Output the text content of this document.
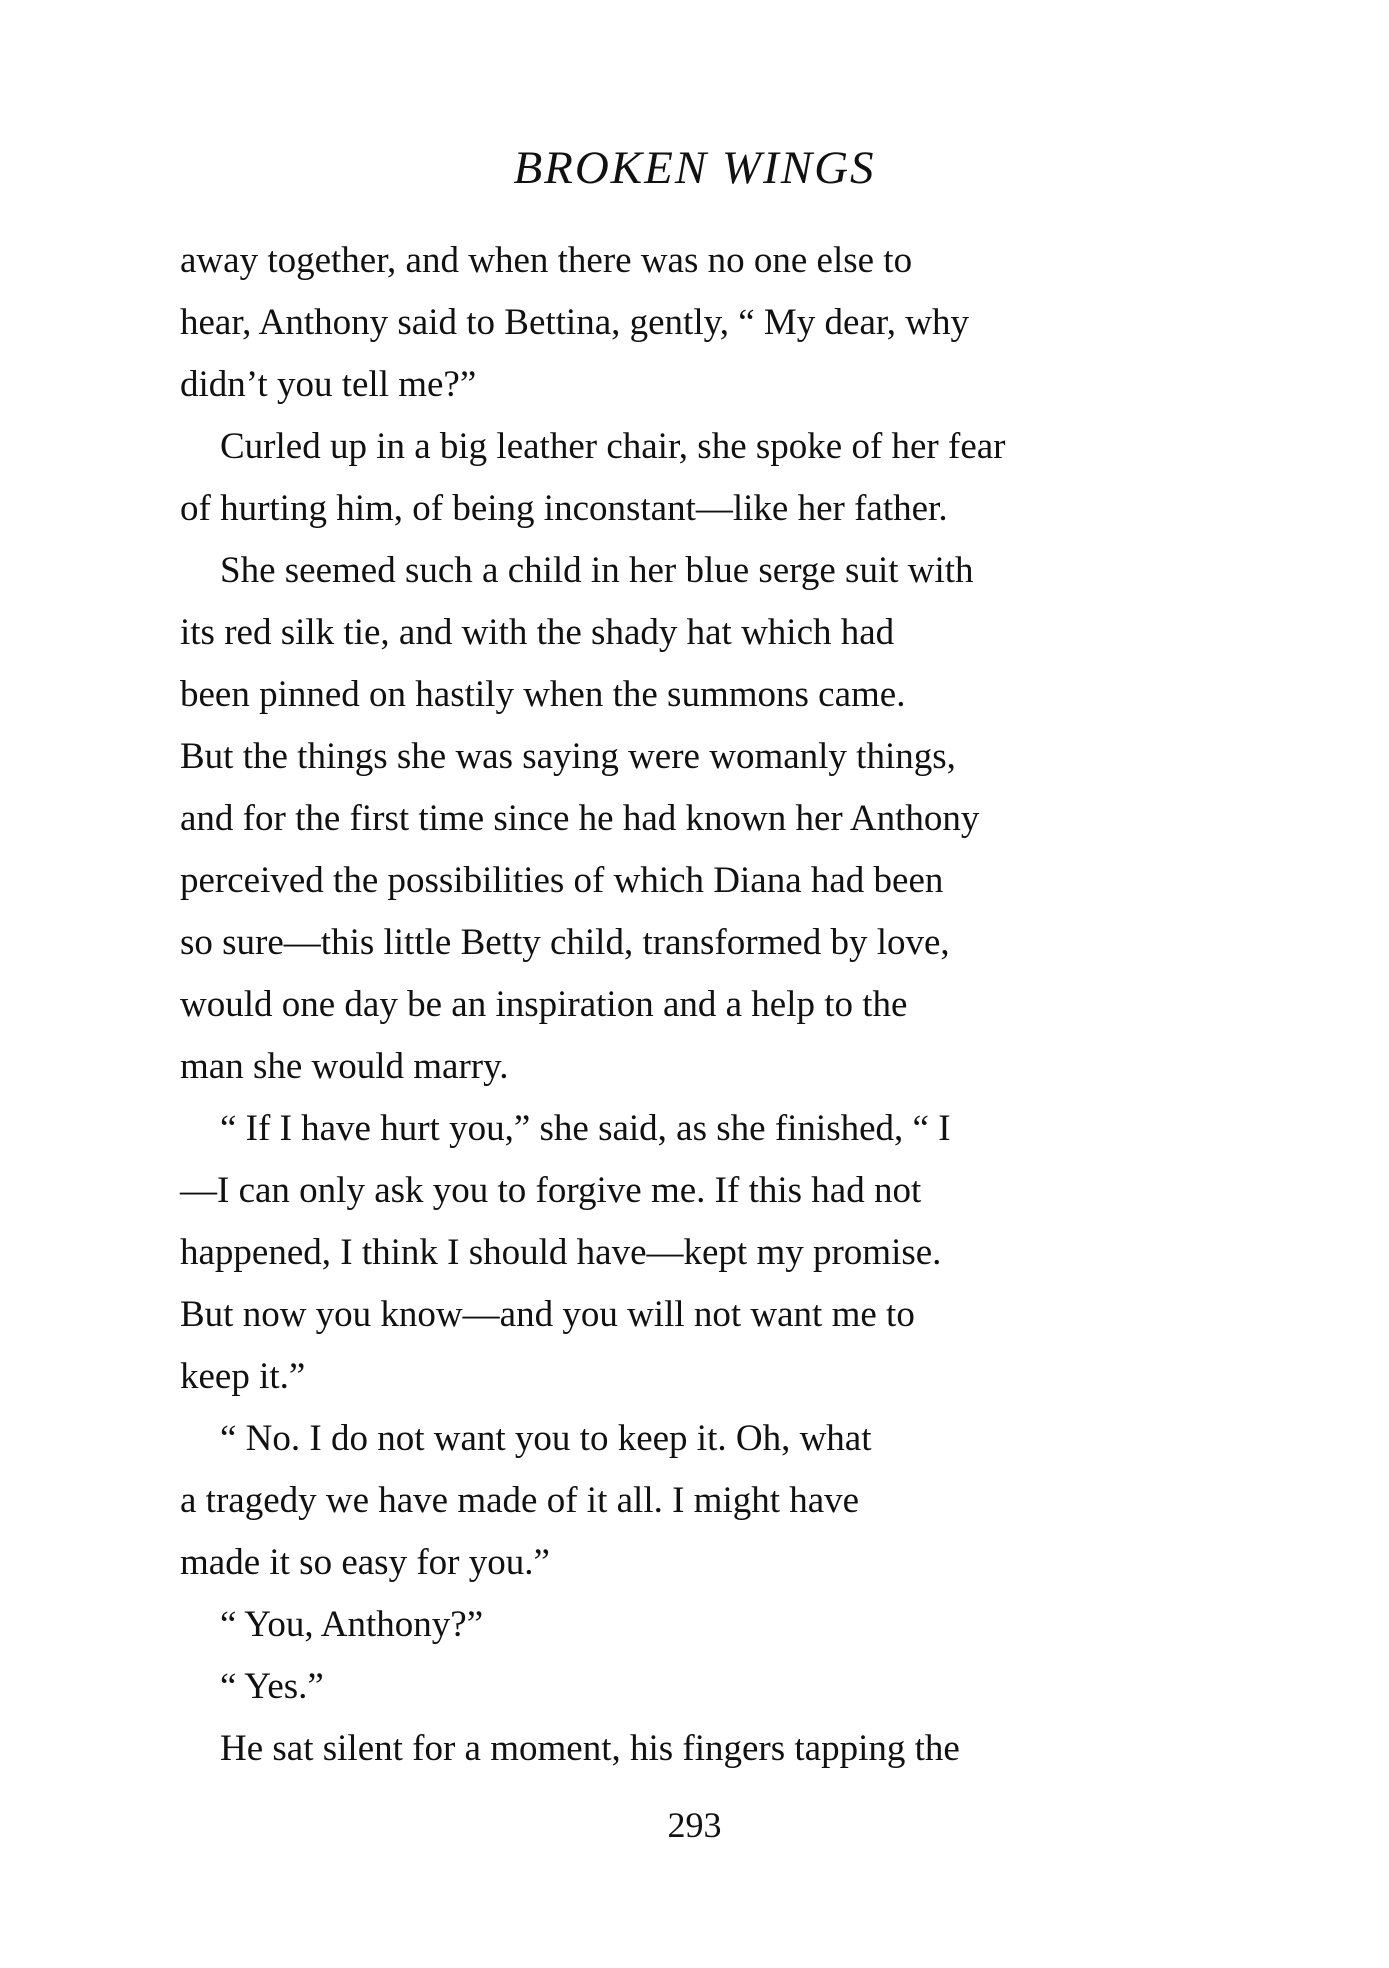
BROKEN WINGS

away together, and when there was no one else to
hear, Anthony said to Bettina, gently, “ My dear, why
didn’t you tell me?”

Curled up in a big leather chair, she spoke of her fear
of hurting him, of being inconstant—like her father.

She seemed such a child in her blue serge suit with
its red silk tie, and with the shady hat which had
been pinned on hastily when the summons came.
But the things she was saying were womanly things,
and for the first time since he had known her Anthony
perceived the possibilities of which Diana had been
so sure—this little Betty child, transformed by love,
would one day be an inspiration and a help to the
man she would marry.

“ If I have hurt you,” she said, as she finished, “ I
—I can only ask you to forgive me. If this had not
happened, I think I should have—kept my promise.
But now you know—and you will not want me to
keep it.”

“ No. I do not want you to keep it. Oh, what
a tragedy we have made of it all. I might have
made it so easy for you.”

“ You, Anthony?”

“ Yes.”

He sat silent for a moment, his fingers tapping the

293
